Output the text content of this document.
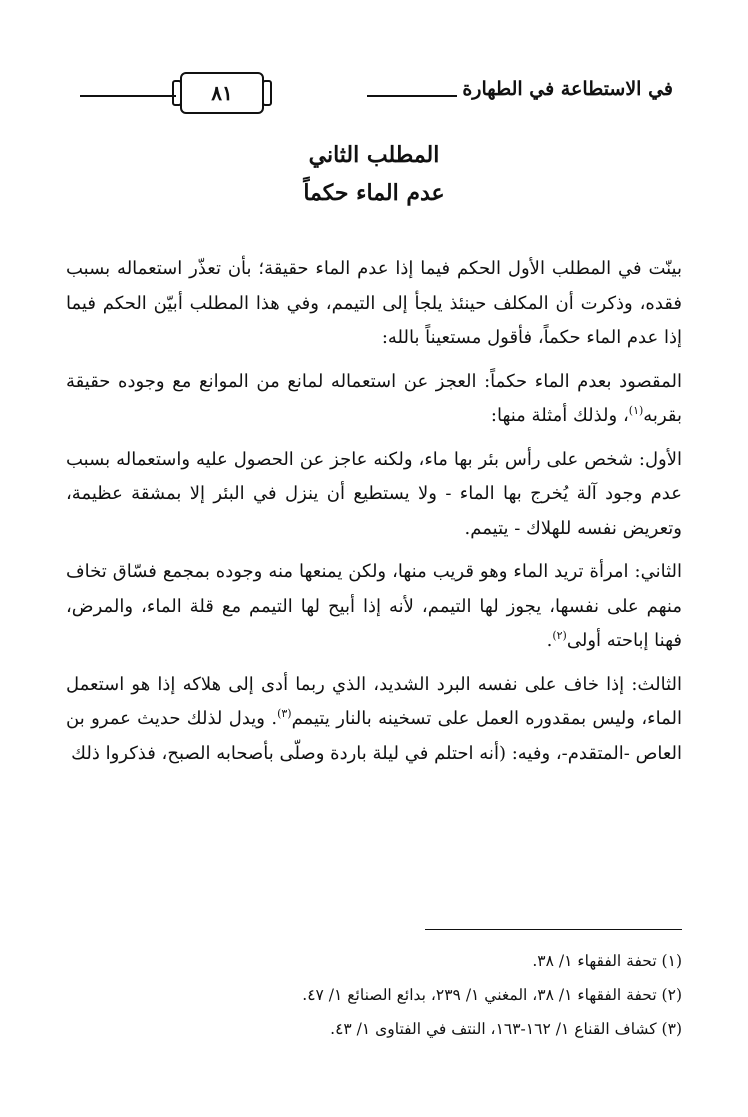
في الاستطاعة في الطهارة
٨١
المطلب الثاني
عدم الماء حكماً

بينّت في المطلب الأول الحكم فيما إذا عدم الماء حقيقة؛ بأن تعذّر استعماله بسبب فقده، وذكرت أن المكلف حينئذ يلجأ إلى التيمم، وفي هذا المطلب أبيّن الحكم فيما إذا عدم الماء حكماً، فأقول مستعيناً بالله:

المقصود بعدم الماء حكماً: العجز عن استعماله لمانع من الموانع مع وجوده حقيقة بقربه$^{(١)}$، ولذلك أمثلة منها:

الأول: شخص على رأس بئر بها ماء، ولكنه عاجز عن الحصول عليه واستعماله بسبب عدم وجود آلة يُخرج بها الماء - ولا يستطيع أن ينزل في البئر إلا بمشقة عظيمة، وتعريض نفسه للهلاك - يتيمم.

الثاني: امرأة تريد الماء وهو قريب منها، ولكن يمنعها منه وجوده بمجمع فسّاق تخاف منهم على نفسها، يجوز لها التيمم، لأنه إذا أبيح لها التيمم مع قلة الماء، والمرض، فهنا إباحته أولى$^{(٢)}$.

الثالث: إذا خاف على نفسه البرد الشديد، الذي ربما أدى إلى هلاكه إذا هو استعمل الماء، وليس بمقدوره العمل على تسخينه بالنار يتيمم$^{(٣)}$. ويدل لذلك حديث عمرو بن العاص -المتقدم-، وفيه: (أنه احتلم في ليلة باردة وصلّى بأصحابه الصبح، فذكروا ذلك

(١) تحفة الفقهاء ١/ ٣٨.
(٢) تحفة الفقهاء ١/ ٣٨، المغني ١/ ٢٣٩، بدائع الصنائع ١/ ٤٧.
(٣) كشاف القناع ١/ ١٦٢-١٦٣، النتف في الفتاوى ١/ ٤٣.
